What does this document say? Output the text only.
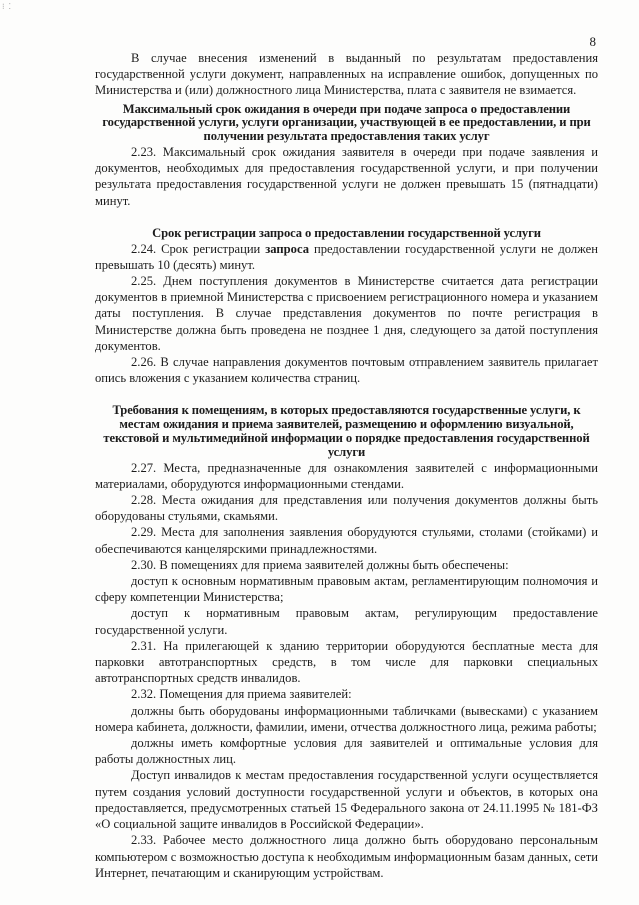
⁝ ⁚
8

В случае внесения изменений в выданный по результатам предоставления государственной услуги документ, направленных на исправление ошибок, допущенных по Министерства и (или) должностного лица Министерства, плата с заявителя не взимается.

Максимальный срок ожидания в очереди при подаче запроса о предоставлении государственной услуги, услуги организации, участвующей в ее предоставлении, и при получении результата предоставления таких услуг

2.23. Максимальный срок ожидания заявителя в очереди при подаче заявления и документов, необходимых для предоставления государственной услуги, и при получении результата предоставления государственной услуги не должен превышать 15 (пятнадцати) минут.

Срок регистрации запроса о предоставлении государственной услуги

2.24. Срок регистрации запроса предоставлении государственной услуги не должен превышать 10 (десять) минут.

2.25. Днем поступления документов в Министерстве считается дата регистрации документов в приемной Министерства с присвоением регистрационного номера и указанием даты поступления. В случае представления документов по почте регистрация в Министерстве должна быть проведена не позднее 1 дня, следующего за датой поступления документов.

2.26. В случае направления документов почтовым отправлением заявитель прилагает опись вложения с указанием количества страниц.

Требования к помещениям, в которых предоставляются государственные услуги, к местам ожидания и приема заявителей, размещению и оформлению визуальной, текстовой и мультимедийной информации о порядке предоставления государственной услуги

2.27. Места, предназначенные для ознакомления заявителей с информационными материалами, оборудуются информационными стендами.

2.28. Места ожидания для представления или получения документов должны быть оборудованы стульями, скамьями.

2.29. Места для заполнения заявления оборудуются стульями, столами (стойками) и обеспечиваются канцелярскими принадлежностями.

2.30. В помещениях для приема заявителей должны быть обеспечены:

доступ к основным нормативным правовым актам, регламентирующим полномочия и сферу компетенции Министерства;

доступ к нормативным правовым актам, регулирующим предоставление государственной услуги.

2.31. На прилегающей к зданию территории оборудуются бесплатные места для парковки автотранспортных средств, в том числе для парковки специальных автотранспортных средств инвалидов.

2.32. Помещения для приема заявителей:

должны быть оборудованы информационными табличками (вывесками) с указанием номера кабинета, должности, фамилии, имени, отчества должностного лица, режима работы;

должны иметь комфортные условия для заявителей и оптимальные условия для работы должностных лиц.

Доступ инвалидов к местам предоставления государственной услуги осуществляется путем создания условий доступности государственной услуги и объектов, в которых она предоставляется, предусмотренных статьей 15 Федерального закона от 24.11.1995 № 181-ФЗ «О социальной защите инвалидов в Российской Федерации».

2.33. Рабочее место должностного лица должно быть оборудовано персональным компьютером с возможностью доступа к необходимым информационным базам данных, сети Интернет, печатающим и сканирующим устройствам.
